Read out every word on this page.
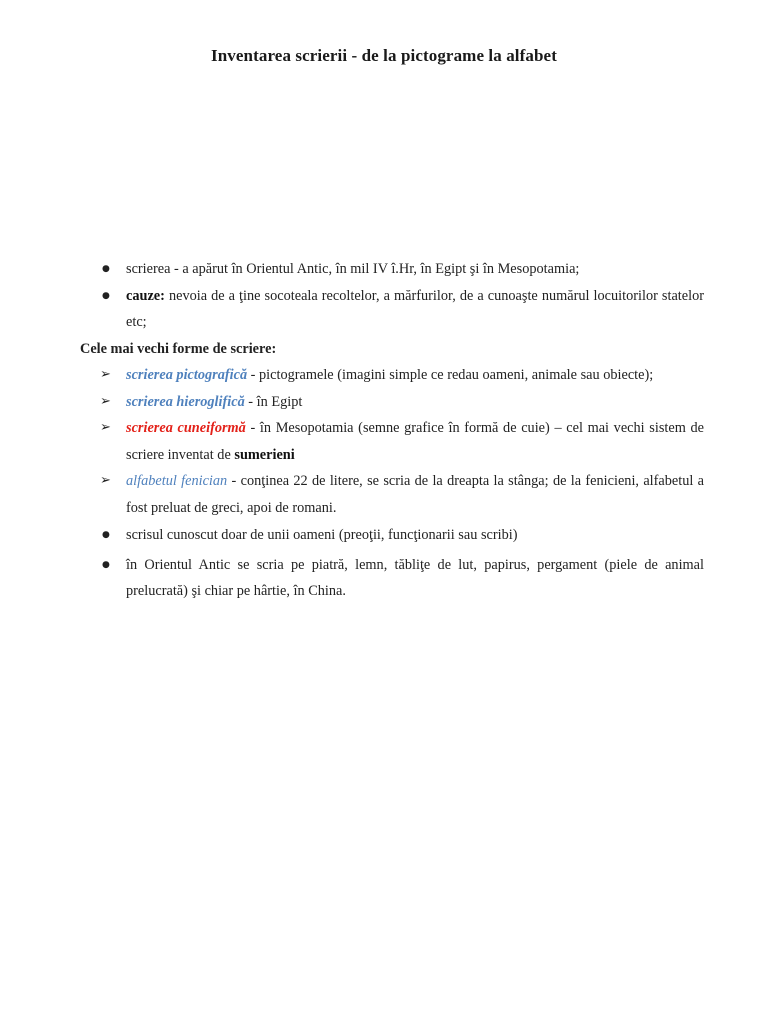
Inventarea scrierii - de la pictograme la alfabet

●	scrierea - a apărut în Orientul Antic, în mil IV î.Hr, în Egipt şi în Mesopotamia;

●	cauze: nevoia de a ţine socoteala recoltelor, a mărfurilor, de a cunoaşte numărul locuitorilor statelor etc;

Cele mai vechi forme de scriere:

➢	scrierea pictografică - pictogramele (imagini simple ce redau oameni, animale sau obiecte);

➢	scrierea hieroglifică - în Egipt

➢	scrierea cuneiformă - în Mesopotamia (semne grafice în formă de cuie) – cel mai vechi sistem de scriere inventat de sumerieni

➢	alfabetul fenician - conţinea 22 de litere, se scria de la dreapta la stânga; de la fenicieni, alfabetul a fost preluat de greci, apoi de romani.

●	scrisul cunoscut doar de unii oameni (preoţii, funcţionarii sau scribi)

●	în Orientul Antic se scria pe piatră, lemn, tăbliţe de lut, papirus, pergament (piele de animal prelucrată) şi chiar pe hârtie, în China.
